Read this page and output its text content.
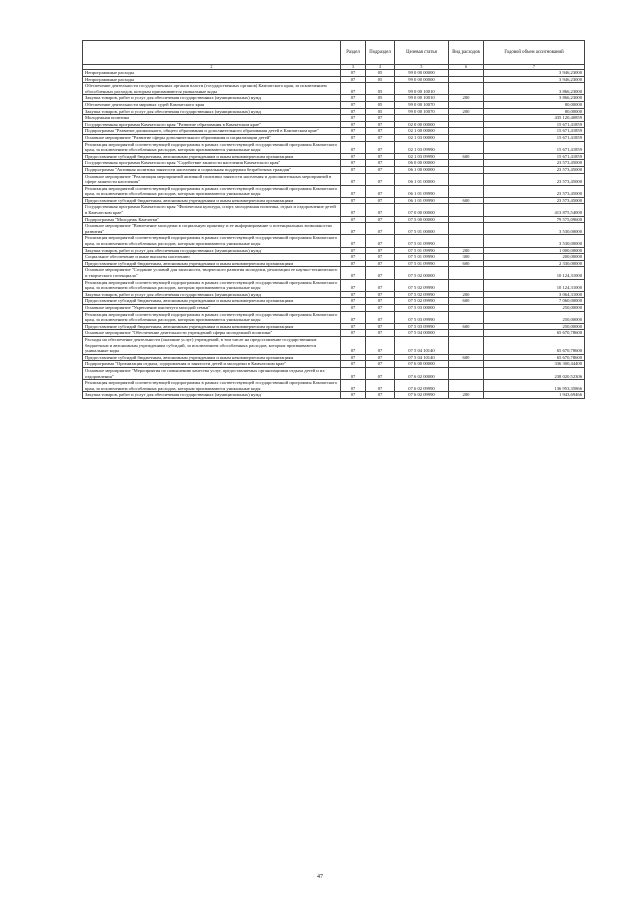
		Раздел	Подраздел	Целевая статья	Вид расходов	Годовой объем ассигнований
	2	3	4	5	6	7
	Непрограммные расходы	07	05	99 0 00 00000		3 946,23000
	Непрограммные расходы	07	05	99 0 00 00000		3 946,23000
	Обеспечение деятельности государственных органов власти (государственных органов) Камчатского края, за исключением обособленных расходов, которым присваиваются уникальные коды	07	05	99 0 00 10010		3 866,23000
	Закупка товаров, работ и услуг для обеспечения государственных (муниципальных) нужд	07	05	99 0 00 10010	200	3 866,23000
	Обеспечение деятельности мировых судей Камчатского края	07	05	99 0 00 10070		80,00000
	Закупка товаров, работ и услуг для обеспечения государственных (муниципальных) нужд	07	05	99 0 00 10070	200	80,00000
	Молодежная политика	07	07			435 120,40859
	Государственная программа Камчатского края "Развитие образования в Камчатском крае"	07	07	02 0 00 00000		15 671,41859
	Подпрограмма "Развитие дошкольного, общего образования и дополнительного образования детей в Камчатском крае"	07	07	02 1 00 00000		15 671,41859
	Основное мероприятие "Развитие сферы дополнительного образования и социализации детей"	07	07	02 1 03 00000		15 671,41859
	Реализация мероприятий соответствующей подпрограммы в рамках соответствующей государственной программы Камчатского края, за исключением обособленных расходов, которым присваиваются уникальные коды	07	07	02 1 03 09990		15 671,41859
	Предоставление субсидий бюджетным, автономным учреждениям и иным некоммерческим организациям	07	07	02 1 03 09990	600	15 671,41859
	Государственная программа Камчатского края "Содействие занятости населения Камчатского края"	07	07	06 0 00 00000		23 573,45000
	Подпрограмма "Активная политика занятости населения и социальная поддержка безработных граждан"	07	07	06 1 00 00000		23 573,45000
	Основное мероприятие "Реализация мероприятий активной политики занятости населения и дополнительных мероприятий в сфере занятости населения"	07	07	06 1 01 00000		23 573,45000
	Реализация мероприятий соответствующей подпрограммы в рамках соответствующей государственной программы Камчатского края, за исключением обособленных расходов, которым присваиваются уникальные коды	07	07	06 1 01 09990		23 573,45000
	Предоставление субсидий бюджетным, автономным учреждениям и иным некоммерческим организациям	07	07	06 1 01 09990	600	23 573,45000
	Государственная программа Камчатского края "Физическая культура, спорт, молодежная политика, отдых и оздоровление детей в Камчатском крае"	07	07	07 0 00 00000		413 875,54000
	Подпрограмма "Молодежь Камчатки"	07	07	07 5 00 00000		79 575,09600
	Основное мероприятие "Вовлечение молодежи в социальную практику и ее информирование о потенциальных возможностях развития"	07	07	07 5 01 00000		3 530,00000
	Реализация мероприятий соответствующей подпрограммы в рамках соответствующей государственной программы Камчатского края, за исключением обособленных расходов, которым присваиваются уникальные коды	07	07	07 5 01 09990		3 530,00000
	Закупка товаров, работ и услуг для обеспечения государственных (муниципальных) нужд	07	07	07 5 01 09990	200	1 000,00000
	Социальное обеспечение и иные выплаты населению	07	07	07 5 01 09990	300	200,00000
	Предоставление субсидий бюджетным, автономным учреждениям и иным некоммерческим организациям	07	07	07 5 01 09990	600	2 330,00000
	Основное мероприятие "Создание условий для запасности, творческого развития молодежи, реализации ее научно-технического и творческого потенциала"	07	07	07 5 02 00000		10 124,31000
	Реализация мероприятий соответствующей подпрограммы в рамках соответствующей государственной программы Камчатского края, за исключением обособленных расходов, которым присваиваются уникальные коды	07	07	07 5 02 09990		10 124,31000
	Закупка товаров, работ и услуг для обеспечения государственных (муниципальных) нужд	07	07	07 5 02 09990	200	3 064,31000
	Предоставление субсидий бюджетным, автономным учреждениям и иным некоммерческим организациям	07	07	07 5 02 09990	600	7 060,00000
	Основное мероприятие "Укрепление института молодой семьи"	07	07	07 5 03 00000		250,00000
	Реализация мероприятий соответствующей подпрограммы в рамках соответствующей государственной программы Камчатского края, за исключением обособленных расходов, которым присваиваются уникальные коды	07	07	07 5 03 09990		250,00000
	Предоставление субсидий бюджетным, автономным учреждениям и иным некоммерческим организациям	07	07	07 5 03 09990	600	250,00000
	Основное мероприятие "Обеспечение деятельности учреждений сферы молодежной политики"	07	07	07 5 04 00000		65 670,78600
	Расходы на обеспечение деятельности (оказание услуг) учреждений, в том числе на предоставление государственным бюджетным и автономным учреждениям субсидий, за исключением обособленных расходов, которым присваиваются уникальные коды	07	07	07 5 04 10140		65 670,78600
	Предоставление субсидий бюджетным, автономным учреждениям и иным некоммерческим организациям	07	07	07 5 04 10140	600	65 670,78600
	Подпрограмма "Организация отдыха, оздоровления и занятости детей и молодежи в Камчатском крае"	07	07	07 6 00 00000		336 300,44400
	Основное мероприятие "Мероприятия по повышению качества услуг, предоставляемых организациями отдыха детей и их оздоровления"	07	07	07 6 02 00000		238 020,52306
	Реализация мероприятий соответствующей подпрограммы в рамках соответствующей государственной программы Камчатского края, за исключением обособленных расходов, которым присваиваются уникальные коды	07	07	07 6 02 09990		136 953,35866
	Закупка товаров, работ и услуг для обеспечения государственных (муниципальных) нужд	07	07	07 6 02 09990	200	1 943,69466
47
